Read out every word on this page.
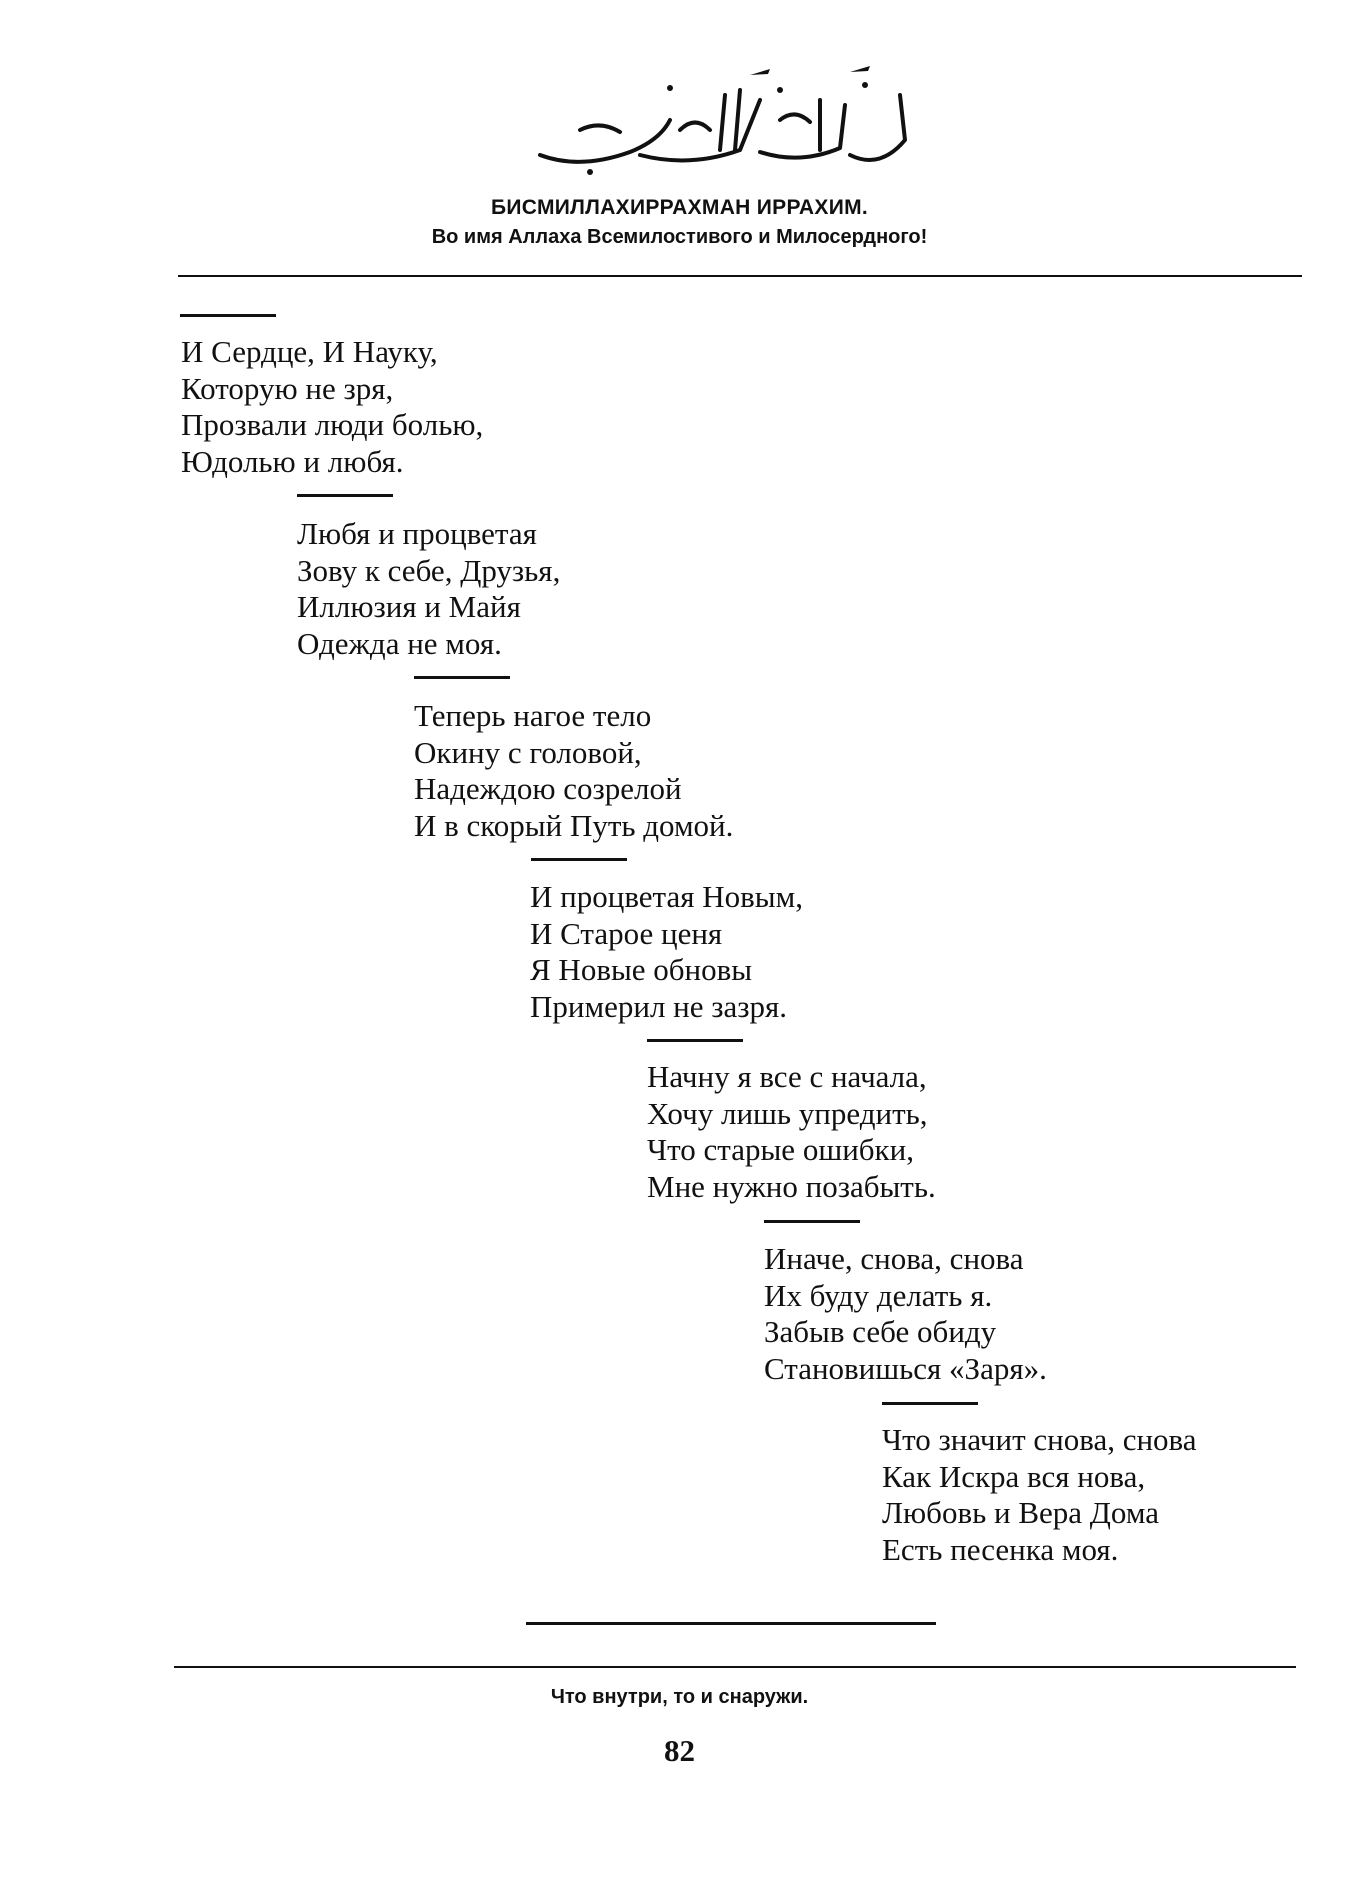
БИСМИЛЛАХИРРАХМАН ИРРАХИМ.
Во имя Аллаха Всемилостивого и Милосердного!
И Сердце, И Науку,
Которую не зря,
Прозвали люди болью,
Юдолью и любя.
Любя и процветая
Зову к себе, Друзья,
Иллюзия и Майя
Одежда не моя.
Теперь нагое тело
Окину с головой,
Надеждою созрелой
И в скорый Путь домой.
И процветая Новым,
И Старое ценя
Я Новые обновы
Примерил не зазря.
Начну я все с начала,
Хочу лишь упредить,
Что старые ошибки,
Мне нужно позабыть.
Иначе, снова, снова
Их буду делать я.
Забыв себе обиду
Становишься «Заря».
Что значит снова, снова
Как Искра вся нова,
Любовь и Вера Дома
Есть песенка моя.
Что внутри, то и снаружи.
82
